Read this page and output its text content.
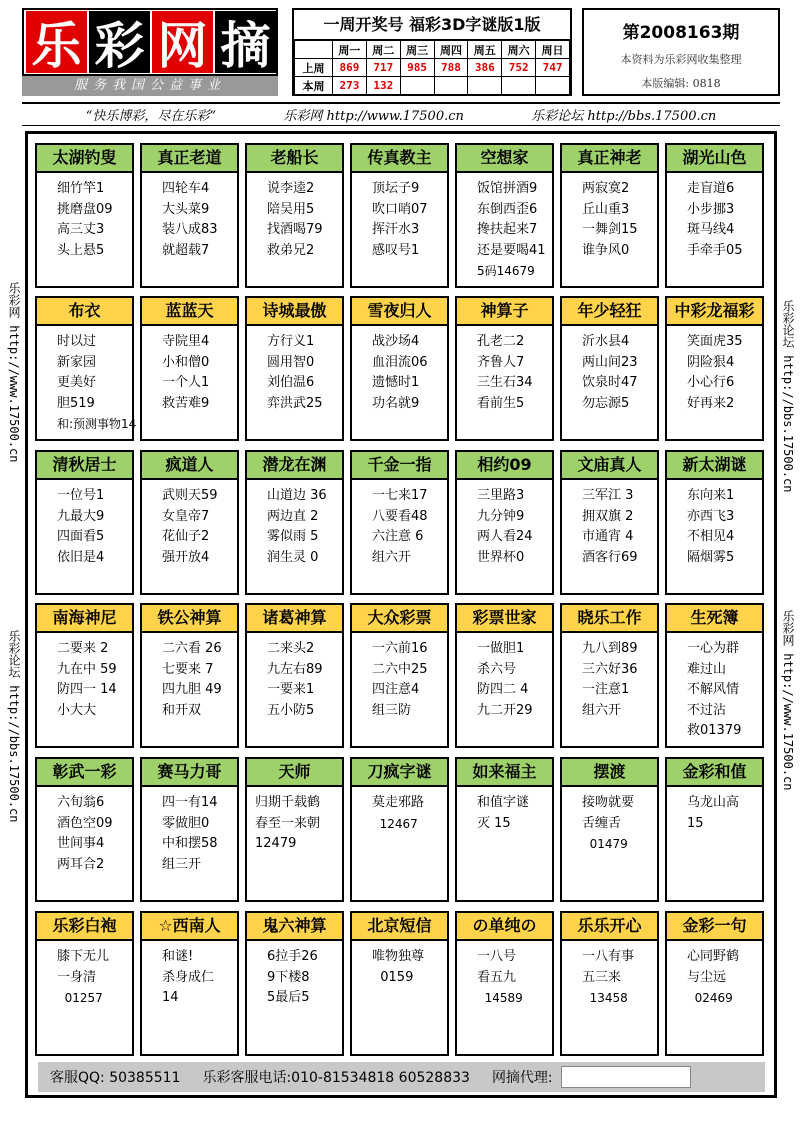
乐 彩 网 摘
服务我国公益事业
一周开奖号 福彩3D字谜版1版
	周一	周二	周三	周四	周五	周六	周日
上周	869	717	985	788	386	752	747
本周	273	132					
第2008163期
本资料为乐彩网收集整理
本版编辑: 0818
“快乐博彩，尽在乐彩”	乐彩网 http://www.17500.cn	乐彩论坛 http://bbs.17500.cn
乐彩网 http://www.17500.cn
乐彩论坛 http://bbs.17500.cn
乐彩论坛 http://bbs.17500.cn
乐彩网 http://www.17500.cn
太湖钓叟
细竹竿1
挑磨盘09
高三丈3
头上悬5
真正老道
四轮车4
大头菜9
装八成83
就超载7
老船长
说李逵2
陪吴用5
找酒喝79
救弟兄2
传真教主
顶坛子9
吹口哨07
挥汗水3
感叹号1
空想家
饭馆拼酒9
东倒西歪6
搀扶起来7
还是要喝41
5码14679
真正神老
两寂寞2
丘山重3
一舞剑15
谁争风0
湖光山色
走盲道6
小步挪3
斑马线4
手牵手05
布衣
时以过
新家园
更美好
胆519
和:预测事物14
蓝蓝天
寺院里4
小和僧0
一个人1
救苦难9
诗城最傲
方行义1
圆用智0
刘伯温6
弈洪武25
雪夜归人
战沙场4
血泪流06
遗憾时1
功名就9
神算子
孔老二2
齐鲁人7
三生石34
看前生5
年少轻狂
沂水县4
两山间23
饮泉时47
勿忘源5
中彩龙福彩
笑面虎35
阴险狠4
小心行6
好再来2
清秋居士
一位号1
九最大9
四面看5
依旧是4
疯道人
武则天59
女皇帝7
花仙子2
强开放4
潜龙在渊
山道边 36
两边直 2
雾似雨 5
润生灵 0
千金一指
一七来17
八要看48
六注意 6
组六开
相约09
三里路3
九分钟9
两人看24
世界杯0
文庙真人
三军江 3
拥双旗 2
市通宵 4
酒客行69
新太湖谜
东向来1
亦西飞3
不相见4
隔烟雾5
南海神尼
二要来 2
九在中 59
防四一 14
小大大
铁公神算
二六看 26
七要来 7
四九胆 49
和开双
诸葛神算
二来头2
九左右89
一要来1
五小防5
大众彩票
一六前16
二六中25
四注意4
组三防
彩票世家
一做胆1
杀六号
防四二 4
九二开29
晓乐工作
九八到89
三六好36
一注意1
组六开
生死簿
一心为群
难过山
不解风情
不过沾
救01379
彰武一彩
六旬翁6
酒色空09
世间事4
两耳合2
赛马力哥
四一有14
零做胆0
中和摆58
组三开
天师
归期千载鹤
春至一来朝
12479
刀疯字谜
莫走邪路
12467
如来福主
和值字谜
灭 15
摆渡
接吻就要
舌缠舌
01479
金彩和值
乌龙山高
15
乐彩白袍
膝下无儿
一身清
01257
☆西南人
和谜!
杀身成仁
14
鬼六神算
6拉手26
9下楼8
5最后5
北京短信
唯物独尊
0159
の单纯の
一八号
看五九
14589
乐乐开心
一八有事
五三来
13458
金彩一句
心同野鹤
与尘远
02469
客服QQ: 50385511 乐彩客服电话:010-81534818 60528833 网摘代理:
